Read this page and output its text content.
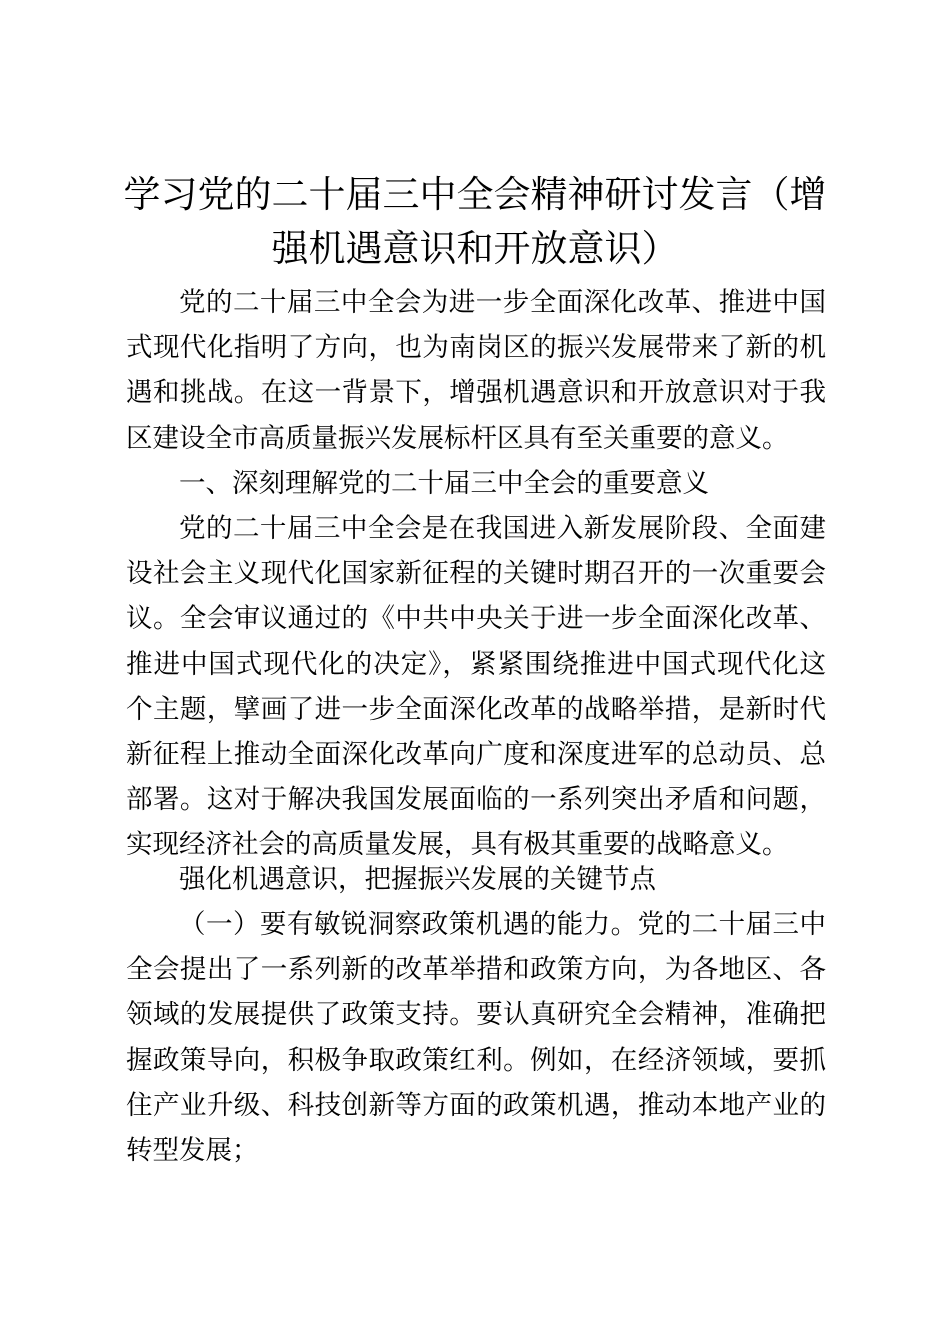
学习党的二十届三中全会精神研讨发言（增强机遇意识和开放意识）

党的二十届三中全会为进一步全面深化改革、推进中国式现代化指明了方向，也为南岗区的振兴发展带来了新的机遇和挑战。在这一背景下，增强机遇意识和开放意识对于我区建设全市高质量振兴发展标杆区具有至关重要的意义。

一、深刻理解党的二十届三中全会的重要意义

党的二十届三中全会是在我国进入新发展阶段、全面建设社会主义现代化国家新征程的关键时期召开的一次重要会议。全会审议通过的《中共中央关于进一步全面深化改革、推进中国式现代化的决定》，紧紧围绕推进中国式现代化这个主题，擘画了进一步全面深化改革的战略举措，是新时代新征程上推动全面深化改革向广度和深度进军的总动员、总部署。这对于解决我国发展面临的一系列突出矛盾和问题，实现经济社会的高质量发展，具有极其重要的战略意义。

强化机遇意识，把握振兴发展的关键节点

（一）要有敏锐洞察政策机遇的能力。党的二十届三中全会提出了一系列新的改革举措和政策方向，为各地区、各领域的发展提供了政策支持。要认真研究全会精神，准确把握政策导向，积极争取政策红利。例如，在经济领域，要抓住产业升级、科技创新等方面的政策机遇，推动本地产业的转型发展；
